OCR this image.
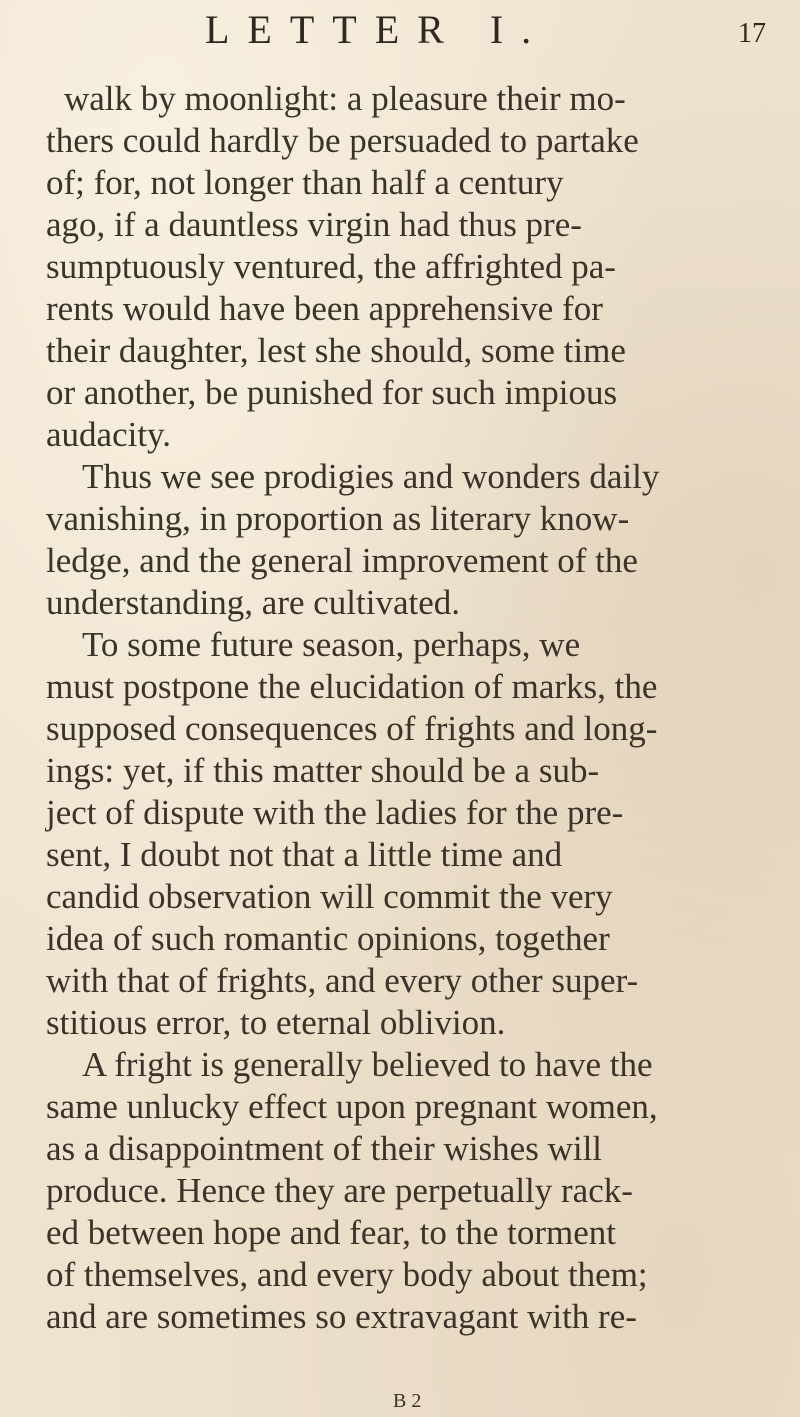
LETTER I.	17
walk by moonlight: a pleasure their mo-
thers could hardly be persuaded to partake
of; for, not longer than half a century
ago, if a dauntless virgin had thus pre-
sumptuously ventured, the affrighted pa-
rents would have been apprehensive for
their daughter, lest she should, some time
or another, be punished for such impious
audacity.
Thus we see prodigies and wonders daily
vanishing, in proportion as literary know-
ledge, and the general improvement of the
understanding, are cultivated.
To some future season, perhaps, we
must postpone the elucidation of marks, the
supposed consequences of frights and long-
ings: yet, if this matter should be a sub-
ject of dispute with the ladies for the pre-
sent, I doubt not that a little time and
candid observation will commit the very
idea of such romantic opinions, together
with that of frights, and every other super-
stitious error, to eternal oblivion.
A fright is generally believed to have the
same unlucky effect upon pregnant women,
as a disappointment of their wishes will
produce. Hence they are perpetually rack-
ed between hope and fear, to the torment
of themselves, and every body about them;
and are sometimes so extravagant with re-
B 2
